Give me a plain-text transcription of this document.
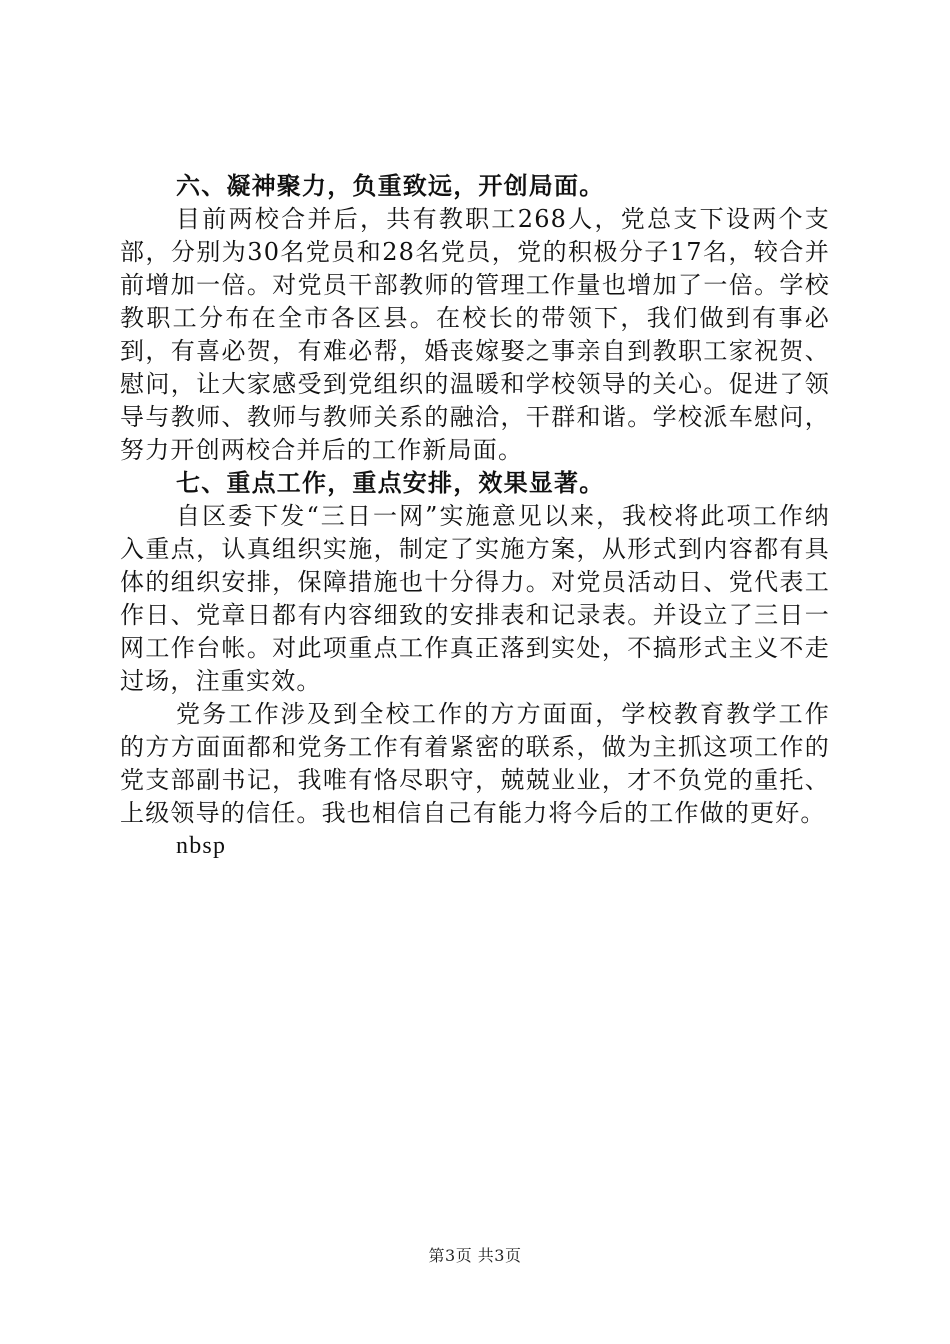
六、凝神聚力，负重致远，开创局面。

目前两校合并后，共有教职工268人，党总支下设两个支部，分别为30名党员和28名党员，党的积极分子17名，较合并前增加一倍。对党员干部教师的管理工作量也增加了一倍。学校教职工分布在全市各区县。在校长的带领下，我们做到有事必到，有喜必贺，有难必帮，婚丧嫁娶之事亲自到教职工家祝贺、慰问，让大家感受到党组织的温暖和学校领导的关心。促进了领导与教师、教师与教师关系的融洽，干群和谐。学校派车慰问，努力开创两校合并后的工作新局面。

七、重点工作，重点安排，效果显著。

自区委下发“三日一网”实施意见以来，我校将此项工作纳入重点，认真组织实施，制定了实施方案，从形式到内容都有具体的组织安排，保障措施也十分得力。对党员活动日、党代表工作日、党章日都有内容细致的安排表和记录表。并设立了三日一网工作台帐。对此项重点工作真正落到实处，不搞形式主义不走过场，注重实效。

党务工作涉及到全校工作的方方面面，学校教育教学工作的方方面面都和党务工作有着紧密的联系，做为主抓这项工作的党支部副书记，我唯有恪尽职守，兢兢业业，才不负党的重托、上级领导的信任。我也相信自己有能力将今后的工作做的更好。

nbsp

第3页 共3页
